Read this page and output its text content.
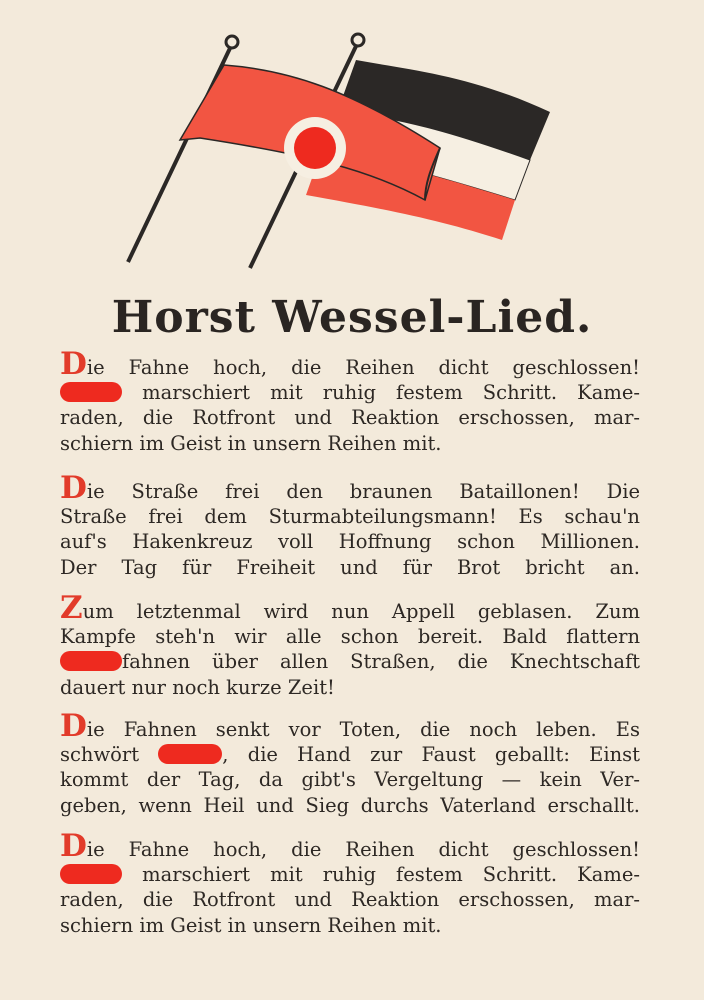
Horst Wessel-Lied.
Die Fahne hoch, die Reihen dicht geschlossen!
marschiert mit ruhig festem Schritt. Kame-
raden, die Rotfront und Reaktion erschossen, mar-
schiern im Geist in unsern Reihen mit.
Die Straße frei den braunen Bataillonen! Die
Straße frei dem Sturmabteilungsmann! Es schau'n
auf's Hakenkreuz voll Hoffnung schon Millionen.
Der Tag für Freiheit und für Brot bricht an.
Zum letztenmal wird nun Appell geblasen. Zum
Kampfe steh'n wir alle schon bereit. Bald flattern
fahnen über allen Straßen, die Knechtschaft
dauert nur noch kurze Zeit!
Die Fahnen senkt vor Toten, die noch leben. Es
schwört	, die Hand zur Faust geballt: Einst
kommt der Tag, da gibt's Vergeltung — kein Ver-
geben, wenn Heil und Sieg durchs Vaterland erschallt.
Die Fahne hoch, die Reihen dicht geschlossen!
marschiert mit ruhig festem Schritt. Kame-
raden, die Rotfront und Reaktion erschossen, mar-
schiern im Geist in unsern Reihen mit.
